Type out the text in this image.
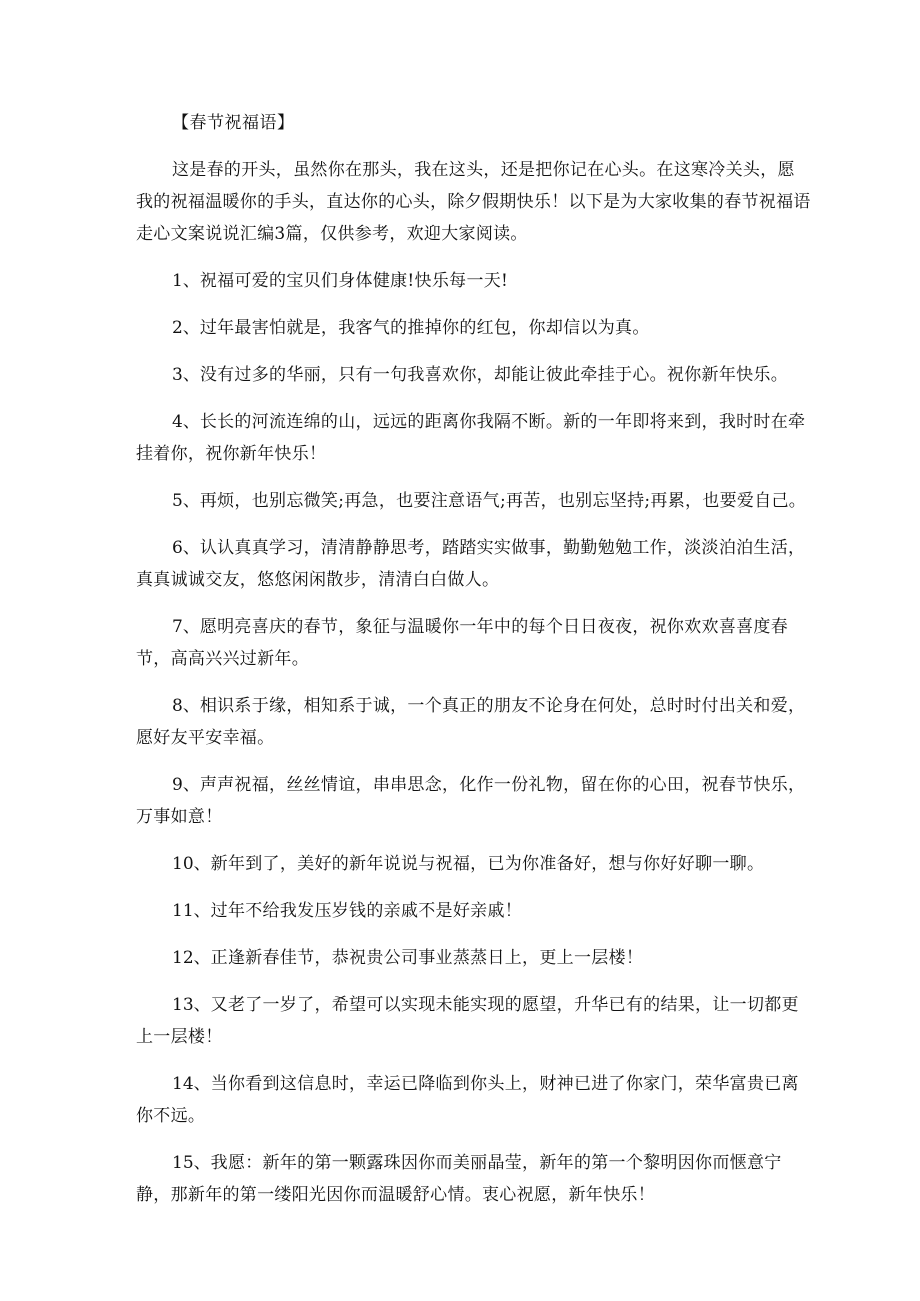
【春节祝福语】

这是春的开头，虽然你在那头，我在这头，还是把你记在心头。在这寒冷关头，愿我的祝福温暖你的手头，直达你的心头，除夕假期快乐！以下是为大家收集的春节祝福语走心文案说说汇编3篇，仅供参考，欢迎大家阅读。

1、祝福可爱的宝贝们身体健康!快乐每一天!

2、过年最害怕就是，我客气的推掉你的红包，你却信以为真。

3、没有过多的华丽，只有一句我喜欢你，却能让彼此牵挂于心。祝你新年快乐。

4、长长的河流连绵的山，远远的距离你我隔不断。新的一年即将来到，我时时在牵挂着你，祝你新年快乐！

5、再烦，也别忘微笑;再急，也要注意语气;再苦，也别忘坚持;再累，也要爱自己。

6、认认真真学习，清清静静思考，踏踏实实做事，勤勤勉勉工作，淡淡泊泊生活，真真诚诚交友，悠悠闲闲散步，清清白白做人。

7、愿明亮喜庆的春节，象征与温暖你一年中的每个日日夜夜，祝你欢欢喜喜度春节，高高兴兴过新年。

8、相识系于缘，相知系于诚，一个真正的朋友不论身在何处，总时时付出关和爱，愿好友平安幸福。

9、声声祝福，丝丝情谊，串串思念，化作一份礼物，留在你的心田，祝春节快乐，万事如意！

10、新年到了，美好的新年说说与祝福，已为你准备好，想与你好好聊一聊。

11、过年不给我发压岁钱的亲戚不是好亲戚！

12、正逢新春佳节，恭祝贵公司事业蒸蒸日上，更上一层楼！

13、又老了一岁了，希望可以实现未能实现的愿望，升华已有的结果，让一切都更上一层楼！

14、当你看到这信息时，幸运已降临到你头上，财神已进了你家门，荣华富贵已离你不远。

15、我愿：新年的第一颗露珠因你而美丽晶莹，新年的第一个黎明因你而惬意宁静，那新年的第一缕阳光因你而温暖舒心情。衷心祝愿，新年快乐！
